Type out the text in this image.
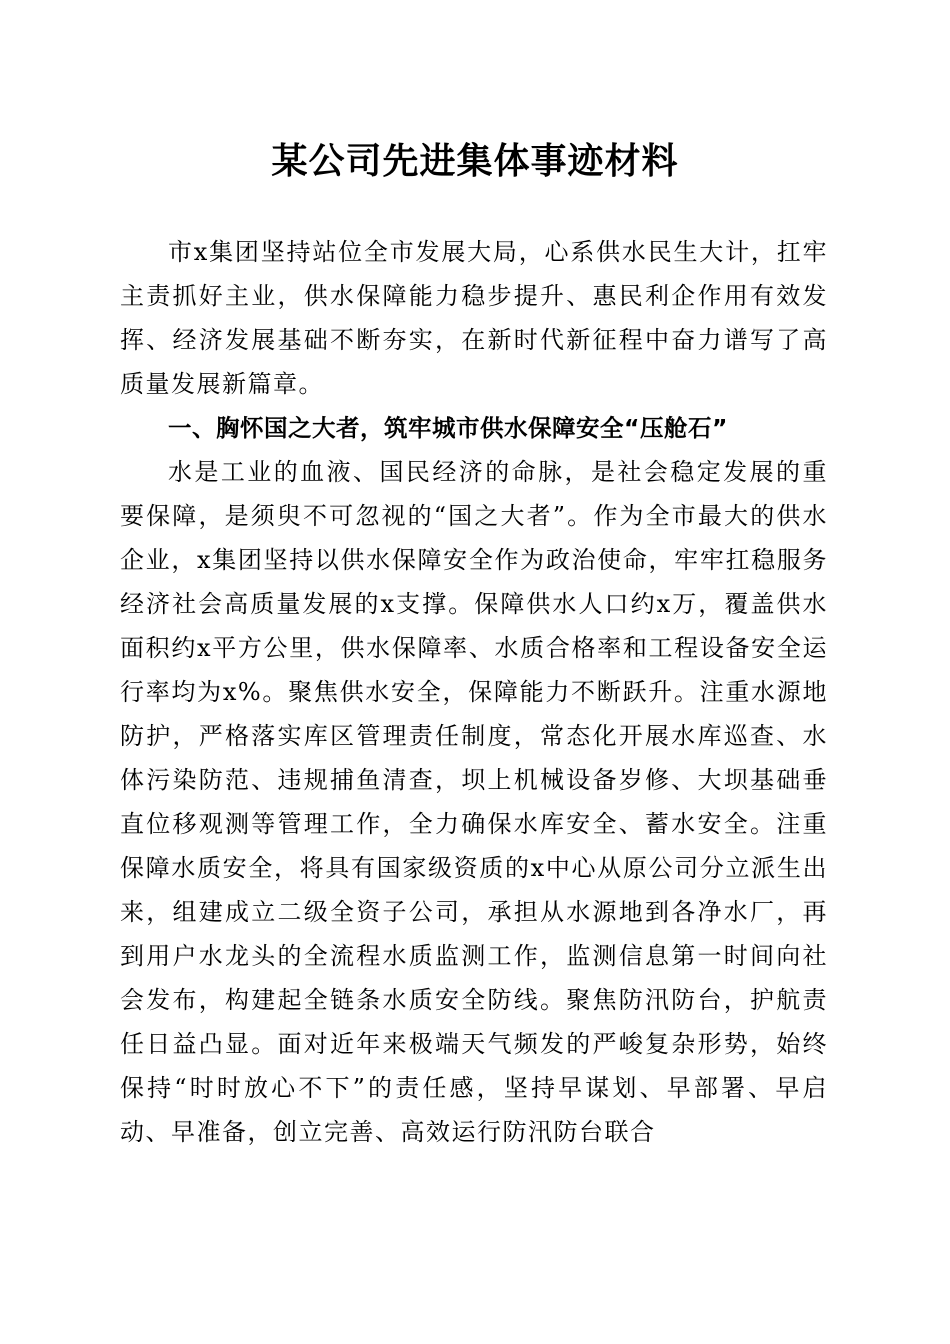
某公司先进集体事迹材料

市x集团坚持站位全市发展大局，心系供水民生大计，扛牢主责抓好主业，供水保障能力稳步提升、惠民利企作用有效发挥、经济发展基础不断夯实，在新时代新征程中奋力谱写了高质量发展新篇章。

一、胸怀国之大者，筑牢城市供水保障安全“压舱石”

水是工业的血液、国民经济的命脉，是社会稳定发展的重要保障，是须臾不可忽视的“国之大者”。作为全市最大的供水企业，x集团坚持以供水保障安全作为政治使命，牢牢扛稳服务经济社会高质量发展的x支撑。保障供水人口约x万，覆盖供水面积约x平方公里，供水保障率、水质合格率和工程设备安全运行率均为x%。聚焦供水安全，保障能力不断跃升。注重水源地防护，严格落实库区管理责任制度，常态化开展水库巡查、水体污染防范、违规捕鱼清查，坝上机械设备岁修、大坝基础垂直位移观测等管理工作，全力确保水库安全、蓄水安全。注重保障水质安全，将具有国家级资质的x中心从原公司分立派生出来，组建成立二级全资子公司，承担从水源地到各净水厂，再到用户水龙头的全流程水质监测工作，监测信息第一时间向社会发布，构建起全链条水质安全防线。聚焦防汛防台，护航责任日益凸显。面对近年来极端天气频发的严峻复杂形势，始终保持“时时放心不下”的责任感，坚持早谋划、早部署、早启动、早准备，创立完善、高效运行防汛防台联合
